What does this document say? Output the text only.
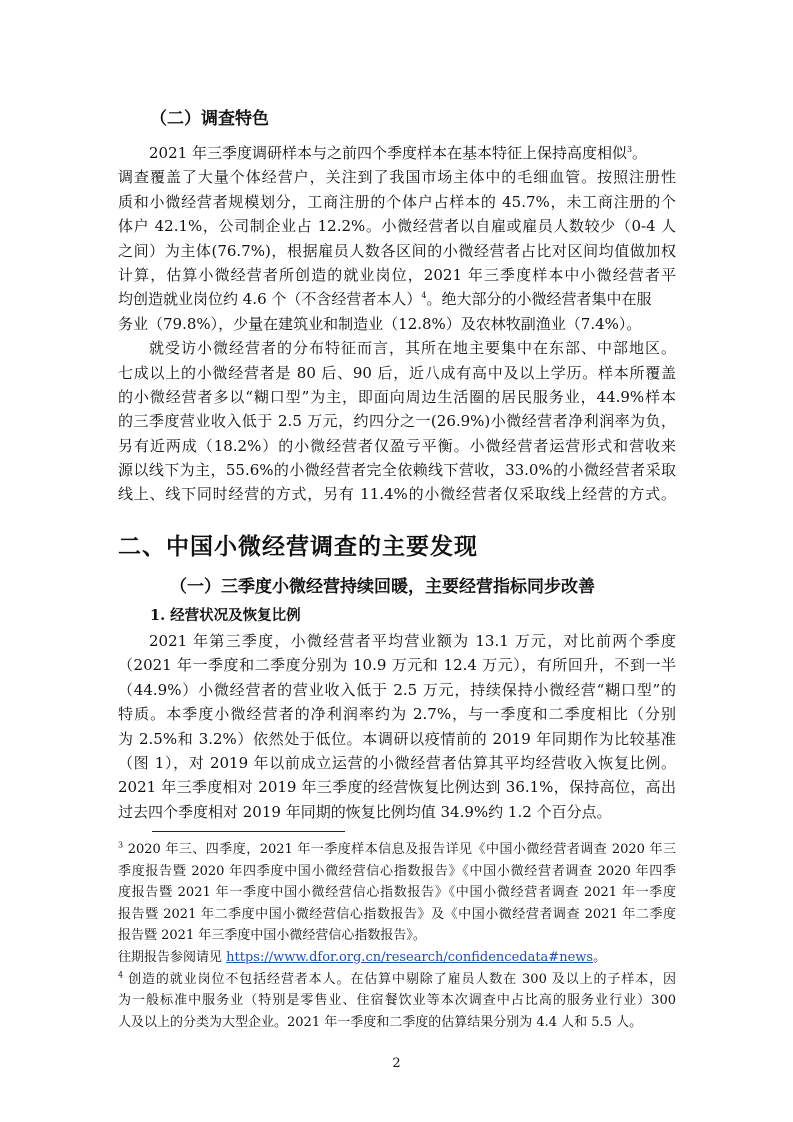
（二）调查特色
2021 年三季度调研样本与之前四个季度样本在基本特征上保持高度相似$^3$。
调查覆盖了大量个体经营户，关注到了我国市场主体中的毛细血管。按照注册性
质和小微经营者规模划分，工商注册的个体户占样本的 45.7%，未工商注册的个
体户 42.1%，公司制企业占 12.2%。小微经营者以自雇或雇员人数较少（0-4 人
之间）为主体(76.7%)，根据雇员人数各区间的小微经营者占比对区间均值做加权
计算，估算小微经营者所创造的就业岗位，2021 年三季度样本中小微经营者平
均创造就业岗位约 4.6 个（不含经营者本人）$^4$。绝大部分的小微经营者集中在服
务业（79.8%），少量在建筑业和制造业（12.8%）及农林牧副渔业（7.4%）。
就受访小微经营者的分布特征而言，其所在地主要集中在东部、中部地区。
七成以上的小微经营者是 80 后、90 后，近八成有高中及以上学历。样本所覆盖
的小微经营者多以“糊口型”为主，即面向周边生活圈的居民服务业，44.9%样本
的三季度营业收入低于 2.5 万元，约四分之一(26.9%)小微经营者净利润率为负，
另有近两成（18.2%）的小微经营者仅盈亏平衡。小微经营者运营形式和营收来
源以线下为主，55.6%的小微经营者完全依赖线下营收，33.0%的小微经营者采取
线上、线下同时经营的方式，另有 11.4%的小微经营者仅采取线上经营的方式。
二、中国小微经营调查的主要发现
（一）三季度小微经营持续回暖，主要经营指标同步改善
1. 经营状况及恢复比例
2021 年第三季度，小微经营者平均营业额为 13.1 万元，对比前两个季度
（2021 年一季度和二季度分别为 10.9 万元和 12.4 万元），有所回升，不到一半
（44.9%）小微经营者的营业收入低于 2.5 万元，持续保持小微经营“糊口型”的
特质。本季度小微经营者的净利润率约为 2.7%，与一季度和二季度相比（分别
为 2.5%和 3.2%）依然处于低位。本调研以疫情前的 2019 年同期作为比较基准
（图 1），对 2019 年以前成立运营的小微经营者估算其平均经营收入恢复比例。
2021 年三季度相对 2019 年三季度的经营恢复比例达到 36.1%，保持高位，高出
过去四个季度相对 2019 年同期的恢复比例均值 34.9%约 1.2 个百分点。
$^3$ 2020 年三、四季度，2021 年一季度样本信息及报告详见《中国小微经营者调查 2020 年三
季度报告暨 2020 年四季度中国小微经营信心指数报告》《中国小微经营者调查 2020 年四季
度报告暨 2021 年一季度中国小微经营信心指数报告》《中国小微经营者调查 2021 年一季度
报告暨 2021 年二季度中国小微经营信心指数报告》及《中国小微经营者调查 2021 年二季度
报告暨 2021 年三季度中国小微经营信心指数报告》。
往期报告参阅请见 https://www.dfor.org.cn/research/confidencedata#news。
$^4$ 创造的就业岗位不包括经营者本人。在估算中剔除了雇员人数在 300 及以上的子样本，因
为一般标准中服务业（特别是零售业、住宿餐饮业等本次调查中占比高的服务业行业）300
人及以上的分类为大型企业。2021 年一季度和二季度的估算结果分别为 4.4 人和 5.5 人。
2
